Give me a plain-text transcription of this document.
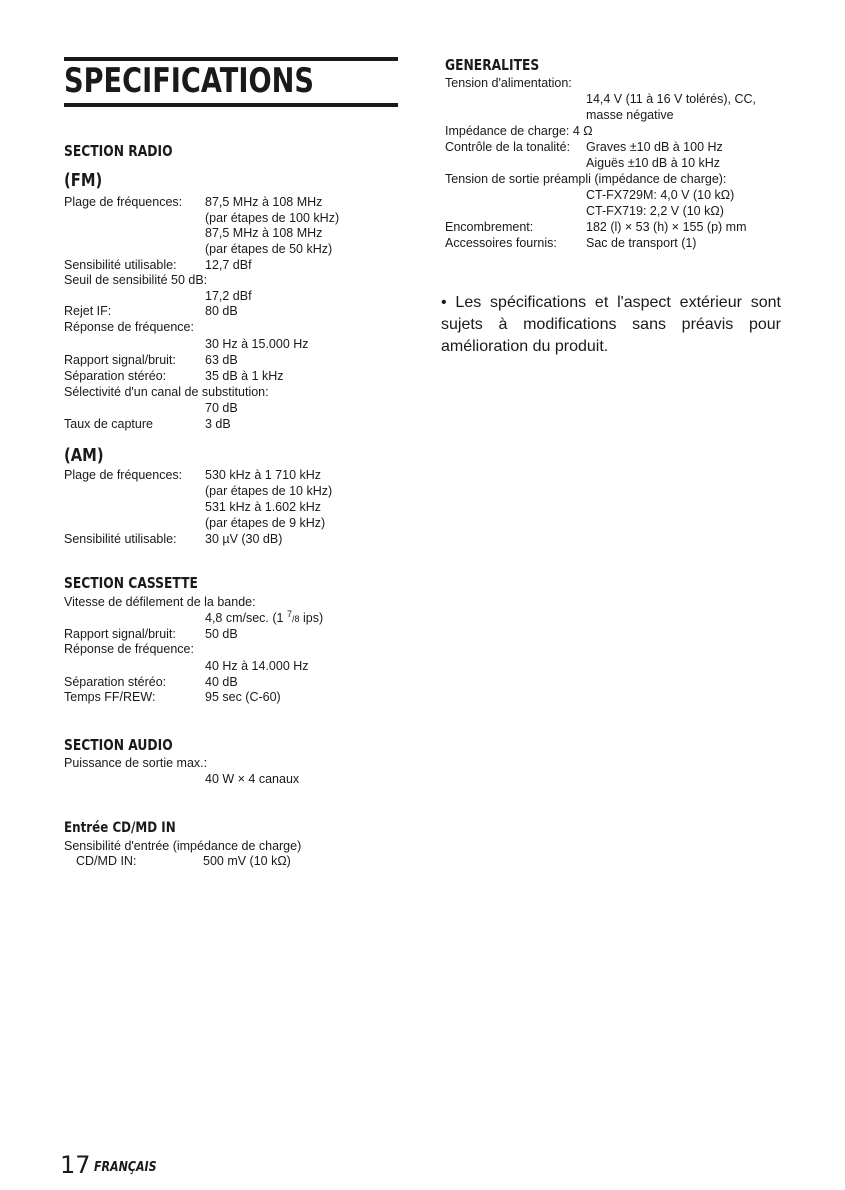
SPECIFICATIONS
SECTION RADIO
(FM)
Plage de fréquences: 87,5 MHz à 108 MHz
(par étapes de 100 kHz)
87,5 MHz à 108 MHz
(par étapes de 50 kHz)
Sensibilité utilisable: 12,7 dBf
Seuil de sensibilité 50 dB:
17,2 dBf
Rejet IF:	80 dB
Réponse de fréquence:
30 Hz à 15.000 Hz
Rapport signal/bruit: 63 dB
Séparation stéréo:	35 dB à 1 kHz
Sélectivité d'un canal de substitution:
70 dB
Taux de capture	3 dB
(AM)
Plage de fréquences: 530 kHz à 1 710 kHz
(par étapes de 10 kHz)
531 kHz à 1.602 kHz
(par étapes de 9 kHz)
Sensibilité utilisable: 30 µV (30 dB)
SECTION CASSETTE
Vitesse de défilement de la bande:
4,8 cm/sec. (1 $^7$/8 ips)
Rapport signal/bruit: 50 dB
Réponse de fréquence:
40 Hz à 14.000 Hz
Séparation stéréo:	40 dB
Temps FF/REW:	95 sec (C-60)
SECTION AUDIO
Puissance de sortie max.:
40 W × 4 canaux
Entrée CD/MD IN
Sensibilité d'entrée (impédance de charge)
CD/MD IN:	500 mV (10 kΩ)
GENERALITES
Tension d'alimentation:
14,4 V (11 à 16 V tolérés), CC,
masse négative
Impédance de charge: 4 Ω
Contrôle de la tonalité: Graves ±10 dB à 100 Hz
Aiguës ±10 dB à 10 kHz
Tension de sortie préampli (impédance de charge):
CT-FX729M: 4,0 V (10 kΩ)
CT-FX719: 2,2 V (10 kΩ)
Encombrement:	182 (l) × 53 (h) × 155 (p) mm
Accessoires fournis: Sac de transport (1)
• Les spécifications et l'aspect extérieur sont sujets à modifications sans préavis pour amélioration du produit.
17 FRANÇAIS
